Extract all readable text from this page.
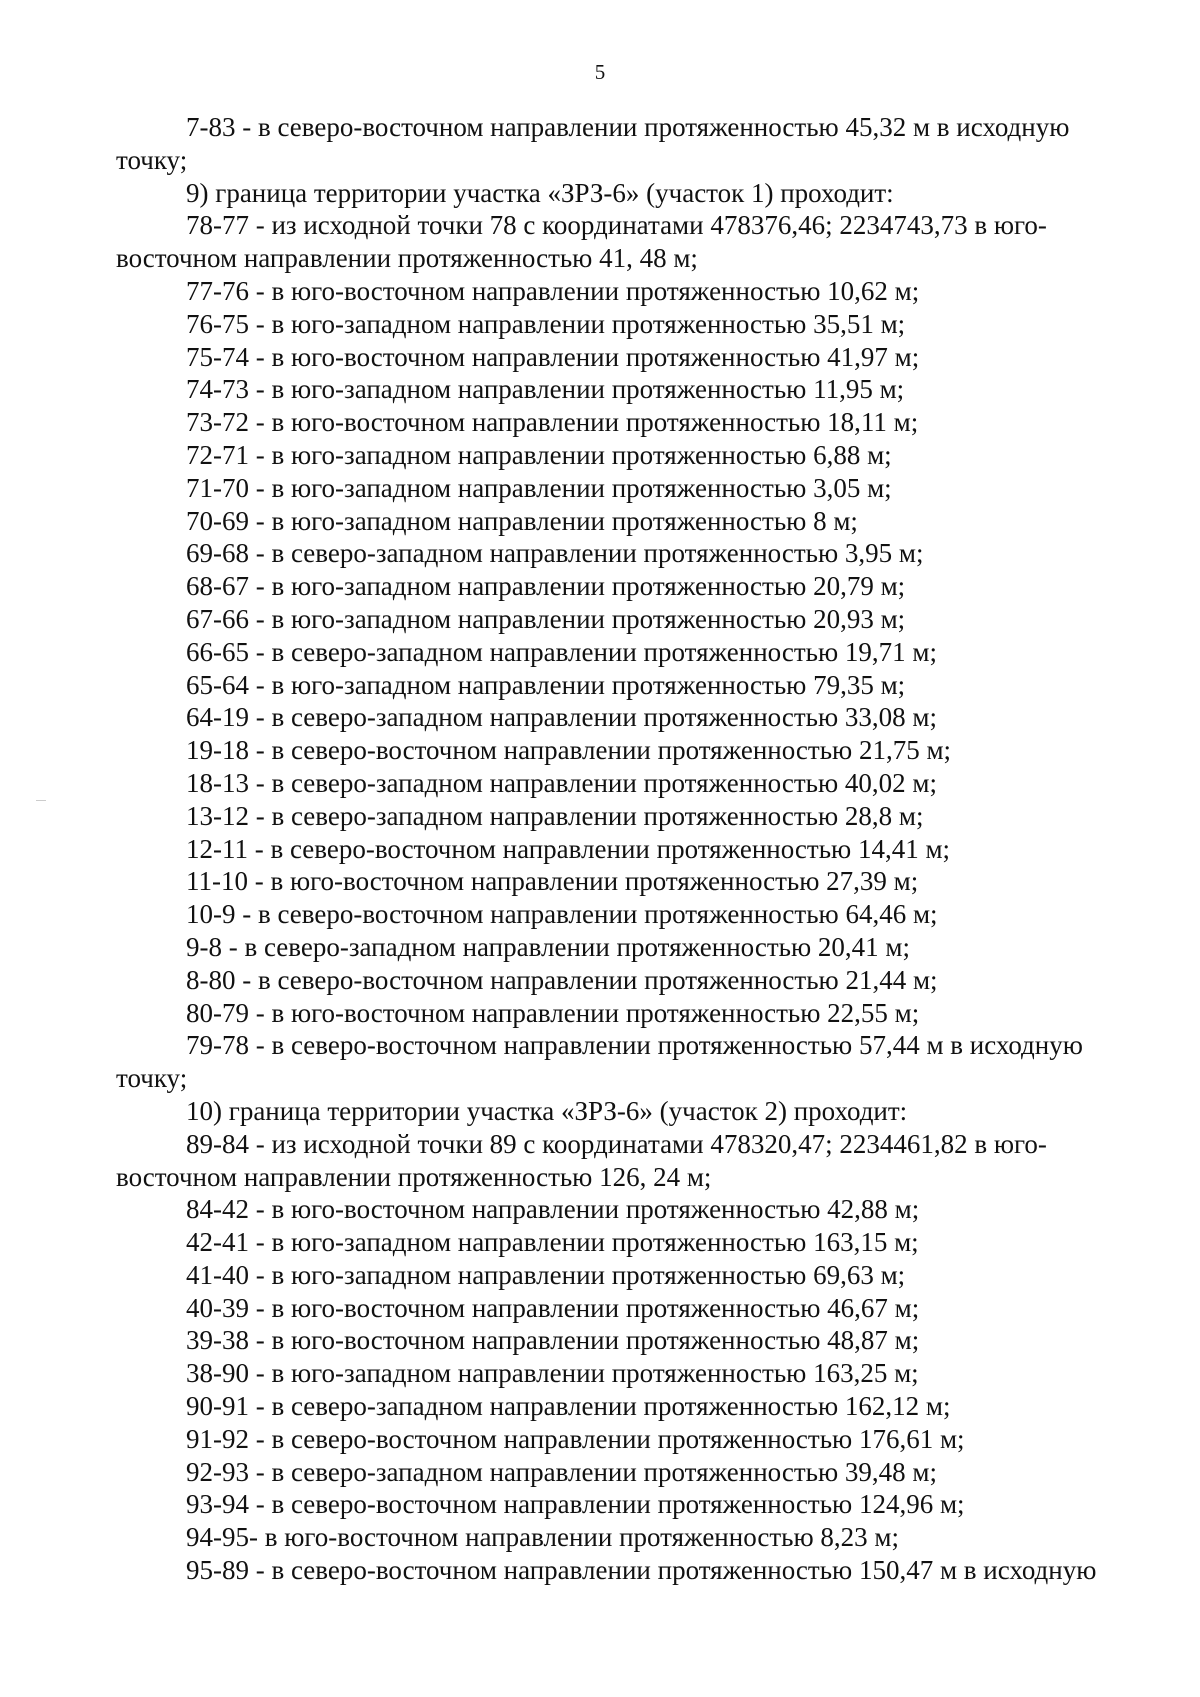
5

7-83 - в северо-восточном направлении протяженностью 45,32 м в исходную

точку;

9) граница территории участка «ЗРЗ-6» (участок 1) проходит:

78-77 - из исходной точки 78 с координатами 478376,46; 2234743,73 в юго-

восточном направлении протяженностью 41, 48 м;

77-76 - в юго-восточном направлении протяженностью 10,62 м;

76-75 - в юго-западном направлении протяженностью 35,51 м;

75-74 - в юго-восточном направлении протяженностью 41,97 м;

74-73 - в юго-западном направлении протяженностью 11,95 м;

73-72 - в юго-восточном направлении протяженностью 18,11 м;

72-71 - в юго-западном направлении протяженностью 6,88 м;

71-70 - в юго-западном направлении протяженностью 3,05 м;

70-69 - в юго-западном направлении протяженностью 8 м;

69-68 - в северо-западном направлении протяженностью 3,95 м;

68-67 - в юго-западном направлении протяженностью 20,79 м;

67-66 - в юго-западном направлении протяженностью 20,93 м;

66-65 - в северо-западном направлении протяженностью 19,71 м;

65-64 - в юго-западном направлении протяженностью 79,35 м;

64-19 - в северо-западном направлении протяженностью 33,08 м;

19-18 - в северо-восточном направлении протяженностью 21,75 м;

18-13 - в северо-западном направлении протяженностью 40,02 м;

13-12 - в северо-западном направлении протяженностью 28,8 м;

12-11 - в северо-восточном направлении протяженностью 14,41 м;

11-10 - в юго-восточном направлении протяженностью 27,39 м;

10-9 - в северо-восточном направлении протяженностью 64,46 м;

9-8 - в северо-западном направлении протяженностью 20,41 м;

8-80 - в северо-восточном направлении протяженностью 21,44 м;

80-79 - в юго-восточном направлении протяженностью 22,55 м;

79-78 - в северо-восточном направлении протяженностью 57,44 м в исходную

точку;

10) граница территории участка «ЗРЗ-6» (участок 2) проходит:

89-84 - из исходной точки 89 с координатами 478320,47; 2234461,82 в юго-

восточном направлении протяженностью 126, 24 м;

84-42 - в юго-восточном направлении протяженностью 42,88 м;

42-41 - в юго-западном направлении протяженностью 163,15 м;

41-40 - в юго-западном направлении протяженностью 69,63 м;

40-39 - в юго-восточном направлении протяженностью 46,67 м;

39-38 - в юго-восточном направлении протяженностью 48,87 м;

38-90 - в юго-западном направлении протяженностью 163,25 м;

90-91 - в северо-западном направлении протяженностью 162,12 м;

91-92 - в северо-восточном направлении протяженностью 176,61 м;

92-93 - в северо-западном направлении протяженностью 39,48 м;

93-94 - в северо-восточном направлении протяженностью 124,96 м;

94-95- в юго-восточном направлении протяженностью 8,23 м;

95-89 - в северо-восточном направлении протяженностью 150,47 м в исходную
